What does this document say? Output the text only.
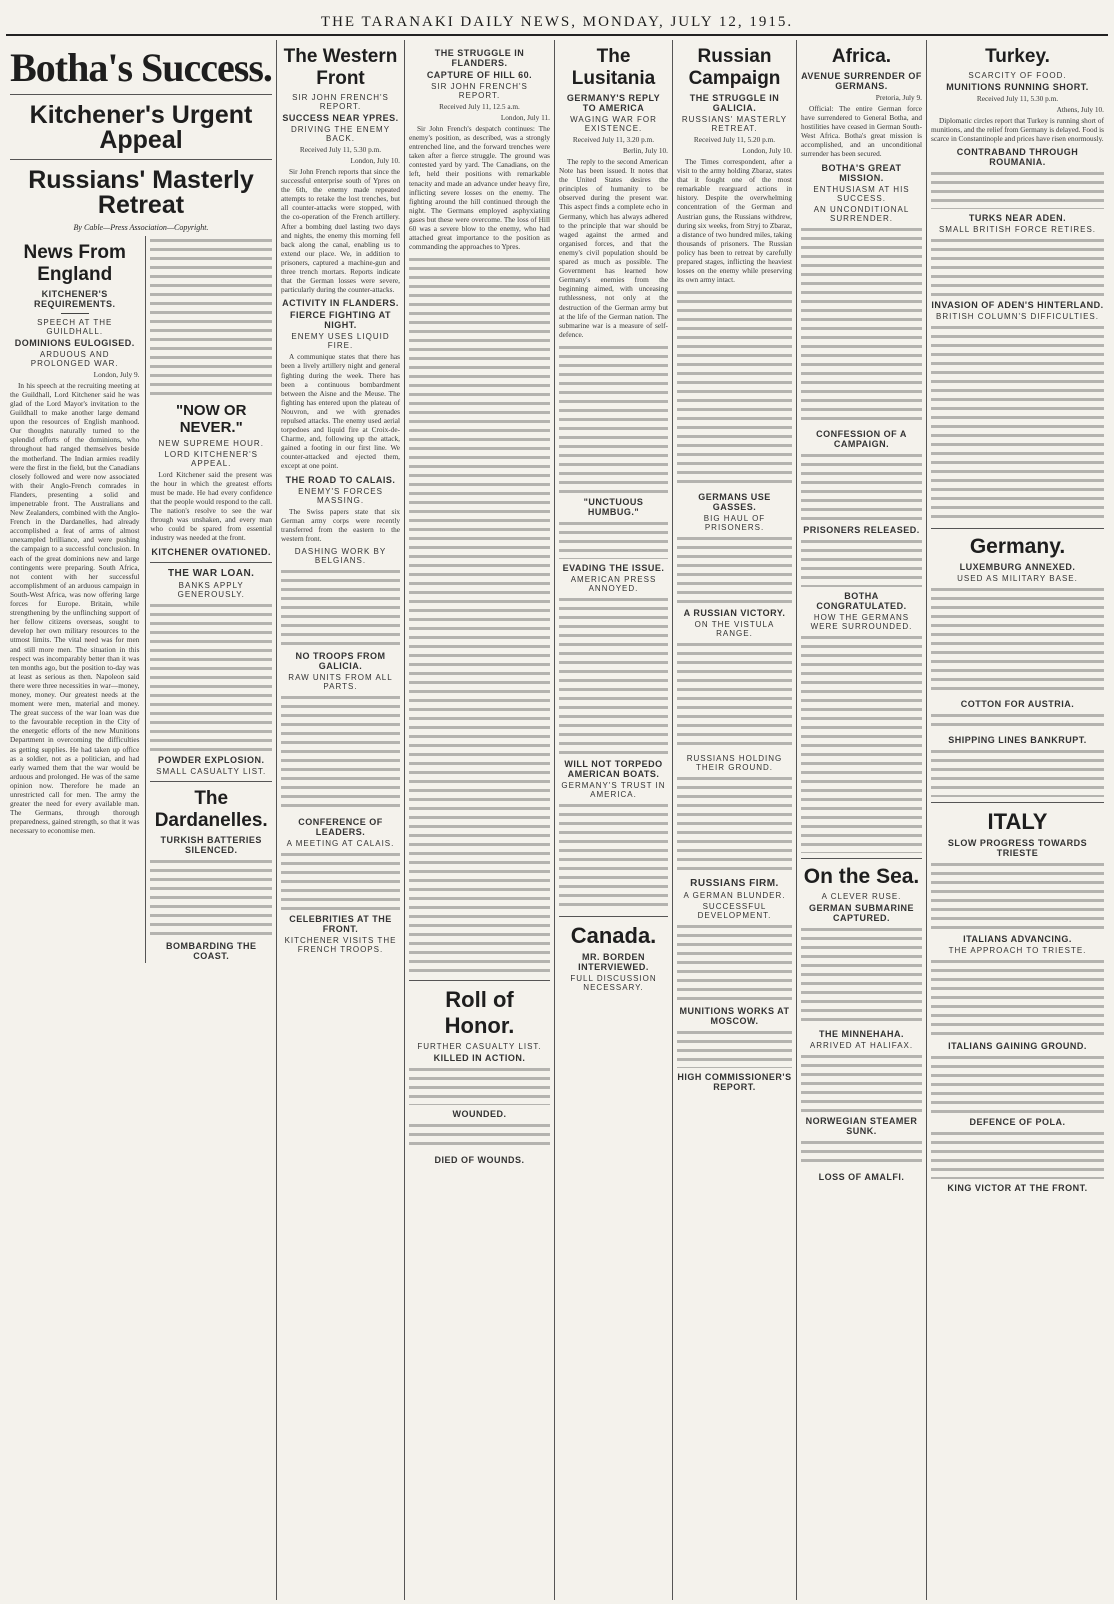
THE TARANAKI DAILY NEWS, MONDAY, JULY 12, 1915.
Botha's Success.
Kitchener's Urgent Appeal
Russians' Masterly Retreat
By Cable—Press Association—Copyright.
News From England
KITCHENER'S REQUIREMENTS.
SPEECH AT THE GUILDHALL.
DOMINIONS EULOGISED.
ARDUOUS AND PROLONGED WAR.
London, July 9.
In his speech at the recruiting meeting at the Guildhall, Lord Kitchener said he was glad of the Lord Mayor's invitation to the Guildhall to make another large demand upon the resources of English manhood. Our thoughts naturally turned to the splendid efforts of the dominions, who throughout had ranged themselves beside the motherland. The Indian armies readily were the first in the field, but the Canadians closely followed and were now associated with their Anglo-French comrades in Flanders, presenting a solid and impenetrable front. The Australians and New Zealanders, combined with the Anglo-French in the Dardanelles, had already accomplished a feat of arms of almost unexampled brilliance, and were pushing the campaign to a successful conclusion. In each of the great dominions new and large contingents were preparing. South Africa, not content with her successful accomplishment of an arduous campaign in South-West Africa, was now offering large forces for Europe. Britain, while strengthening by the unflinching support of her fellow citizens overseas, sought to develop her own military resources to the utmost limits. The vital need was for men and still more men. The situation in this respect was incomparably better than it was ten months ago, but the position to-day was at least as serious as then. Napoleon said there were three necessities in war—money, money, money. Our greatest needs at the moment were men, material and money. The great success of the war loan was due to the favourable reception in the City of the energetic efforts of the new Munitions Department in overcoming the difficulties as getting supplies. He had taken up office as a soldier, not as a politician, and had early warned them that the war would be arduous and prolonged. He was of the same opinion now. Therefore he made an unrestricted call for men. The army the greater the need for every available man. The Germans, through thorough preparedness, gained strength, so that it was necessary to economise men.
"NOW OR NEVER."
NEW SUPREME HOUR.
LORD KITCHENER'S APPEAL.
Lord Kitchener said the present was the hour in which the greatest efforts must be made. He had every confidence that the people would respond to the call. The nation's resolve to see the war through was unshaken, and every man who could be spared from essential industry was needed at the front.
KITCHENER OVATIONED.
THE WAR LOAN.
BANKS APPLY GENEROUSLY.
POWDER EXPLOSION.
SMALL CASUALTY LIST.
The Dardanelles.
TURKISH BATTERIES SILENCED.
BOMBARDING THE COAST.
The Western Front
SIR JOHN FRENCH'S REPORT.
SUCCESS NEAR YPRES.
DRIVING THE ENEMY BACK.
Received July 11, 5.30 p.m.
London, July 10.
Sir John French reports that since the successful enterprise south of Ypres on the 6th, the enemy made repeated attempts to retake the lost trenches, but all counter-attacks were stopped, with the co-operation of the French artillery. After a bombing duel lasting two days and nights, the enemy this morning fell back along the canal, enabling us to extend our place. We, in addition to prisoners, captured a machine-gun and three trench mortars. Reports indicate that the German losses were severe, particularly during the counter-attacks.
ACTIVITY IN FLANDERS.
FIERCE FIGHTING AT NIGHT.
ENEMY USES LIQUID FIRE.
A communique states that there has been a lively artillery night and general fighting during the week. There has been a continuous bombardment between the Aisne and the Meuse. The fighting has entered upon the plateau of Nouvron, and we with grenades repulsed attacks. The enemy used aerial torpedoes and liquid fire at Croix-de-Charme, and, following up the attack, gained a footing in our first line. We counter-attacked and ejected them, except at one point.
THE ROAD TO CALAIS.
ENEMY'S FORCES MASSING.
The Swiss papers state that six German army corps were recently transferred from the eastern to the western front.
DASHING WORK BY BELGIANS.
NO TROOPS FROM GALICIA.
RAW UNITS FROM ALL PARTS.
CONFERENCE OF LEADERS.
A MEETING AT CALAIS.
CELEBRITIES AT THE FRONT.
KITCHENER VISITS THE FRENCH TROOPS.
THE STRUGGLE IN FLANDERS.
CAPTURE OF HILL 60.
SIR JOHN FRENCH'S REPORT.
Received July 11, 12.5 a.m.
London, July 11.
Sir John French's despatch continues: The enemy's position, as described, was a strongly entrenched line, and the forward trenches were taken after a fierce struggle. The ground was contested yard by yard. The Canadians, on the left, held their positions with remarkable tenacity and made an advance under heavy fire, inflicting severe losses on the enemy. The fighting around the hill continued through the night. The Germans employed asphyxiating gases but these were overcome. The loss of Hill 60 was a severe blow to the enemy, who had attached great importance to the position as commanding the approaches to Ypres.
Roll of Honor.
FURTHER CASUALTY LIST.
KILLED IN ACTION.
WOUNDED.
DIED OF WOUNDS.
The Lusitania
GERMANY'S REPLY TO AMERICA
WAGING WAR FOR EXISTENCE.
Received July 11, 3.20 p.m.
Berlin, July 10.
The reply to the second American Note has been issued. It notes that the United States desires the principles of humanity to be observed during the present war. This aspect finds a complete echo in Germany, which has always adhered to the principle that war should be waged against the armed and organised forces, and that the enemy's civil population should be spared as much as possible. The Government has learned how Germany's enemies from the beginning aimed, with unceasing ruthlessness, not only at the destruction of the German army but at the life of the German nation. The submarine war is a measure of self-defence.
"UNCTUOUS HUMBUG."
EVADING THE ISSUE.
AMERICAN PRESS ANNOYED.
WILL NOT TORPEDO AMERICAN BOATS.
GERMANY'S TRUST IN AMERICA.
Canada.
MR. BORDEN INTERVIEWED.
FULL DISCUSSION NECESSARY.
Russian Campaign
THE STRUGGLE IN GALICIA.
RUSSIANS' MASTERLY RETREAT.
Received July 11, 5.20 p.m.
London, July 10.
The Times correspondent, after a visit to the army holding Zbaraz, states that it fought one of the most remarkable rearguard actions in history. Despite the overwhelming concentration of the German and Austrian guns, the Russians withdrew, during six weeks, from Stryj to Zbaraz, a distance of two hundred miles, taking thousands of prisoners. The Russian policy has been to retreat by carefully prepared stages, inflicting the heaviest losses on the enemy while preserving its own army intact.
GERMANS USE GASSES.
BIG HAUL OF PRISONERS.
A RUSSIAN VICTORY.
ON THE VISTULA RANGE.
RUSSIANS HOLDING THEIR GROUND.
RUSSIANS FIRM.
A GERMAN BLUNDER.
SUCCESSFUL DEVELOPMENT.
MUNITIONS WORKS AT MOSCOW.
HIGH COMMISSIONER'S REPORT.
Africa.
AVENUE SURRENDER OF GERMANS.
Pretoria, July 9.
Official: The entire German force have surrendered to General Botha, and hostilities have ceased in German South-West Africa. Botha's great mission is accomplished, and an unconditional surrender has been secured.
BOTHA'S GREAT MISSION.
ENTHUSIASM AT HIS SUCCESS.
AN UNCONDITIONAL SURRENDER.
CONFESSION OF A CAMPAIGN.
PRISONERS RELEASED.
BOTHA CONGRATULATED.
HOW THE GERMANS WERE SURROUNDED.
On the Sea.
A CLEVER RUSE.
GERMAN SUBMARINE CAPTURED.
THE MINNEHAHA.
ARRIVED AT HALIFAX.
NORWEGIAN STEAMER SUNK.
LOSS OF AMALFI.
Turkey.
SCARCITY OF FOOD.
MUNITIONS RUNNING SHORT.
Received July 11, 5.30 p.m.
Athens, July 10.
Diplomatic circles report that Turkey is running short of munitions, and the relief from Germany is delayed. Food is scarce in Constantinople and prices have risen enormously.
CONTRABAND THROUGH ROUMANIA.
TURKS NEAR ADEN.
SMALL BRITISH FORCE RETIRES.
INVASION OF ADEN'S HINTERLAND.
BRITISH COLUMN'S DIFFICULTIES.
Germany.
LUXEMBURG ANNEXED.
USED AS MILITARY BASE.
COTTON FOR AUSTRIA.
SHIPPING LINES BANKRUPT.
ITALY
SLOW PROGRESS TOWARDS TRIESTE
ITALIANS ADVANCING.
THE APPROACH TO TRIESTE.
ITALIANS GAINING GROUND.
DEFENCE OF POLA.
KING VICTOR AT THE FRONT.
